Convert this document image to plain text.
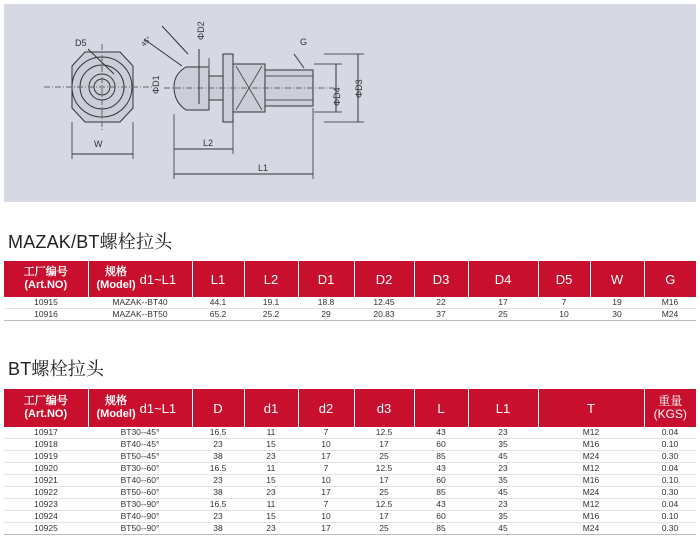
D5
W
45°
ΦD2
ΦD1
G
ΦD4 ΦD3
L2
L1
MAZAK/BT螺栓拉头
工厂编号
(Art.NO)	规格
(Model) d1~L1	L1	L2	D1	D2	D3	D4	D5	W	G
10915	MAZAK--BT40	44.1	19.1	18.8	12.45	22	17	7	19	M16
10916	MAZAK--BT50	65.2	25.2	29	20.83	37	25	10	30	M24
BT螺栓拉头
工厂编号
(Art.NO)	规格
(Model) d1~L1	D	d1	d2	d3	L	L1	T	重量
(KGS)

10917	BT30--45°	16.5	11	7	12.5	43	23	M12	0.04
10918	BT40--45°	23	15	10	17	60	35	M16	0.10
10919	BT50--45°	38	23	17	25	85	45	M24	0.30
10920	BT30--60°	16.5	11	7	12.5	43	23	M12	0.04
10921	BT40--60°	23	15	10	17	60	35	M16	0.10
10922	BT50--60°	38	23	17	25	85	45	M24	0.30
10923	BT30--90°	16.5	11	7	12.5	43	23	M12	0.04
10924	BT40--90°	23	15	10	17	60	35	M16	0.10
10925	BT50--90°	38	23	17	25	85	45	M24	0.30
